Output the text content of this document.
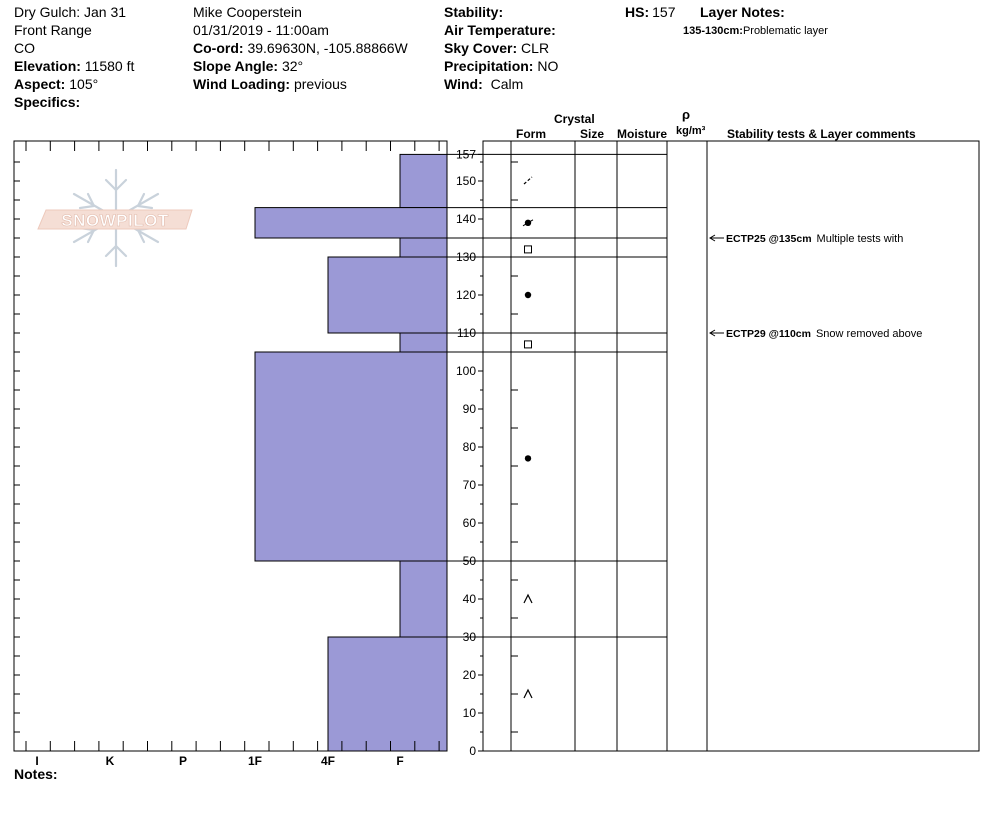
Dry Gulch: Jan 31
Front Range
CO
Elevation: 11580 ft
Aspect: 105°
Specifics:
Mike Cooperstein
01/31/2019 - 11:00am
Co-ord: 39.69630N, -105.88866W
Slope Angle: 32°
Wind Loading: previous
Stability:
Air Temperature:
Sky Cover: CLR
Precipitation: NO
Wind: Calm
HS: 157 Layer Notes:
135-130cm:Problematic layer
Crystal
Form	Size Moisture
ρ
kg/m³ Stability tests & Layer comments
Notes:
SNOWPILOT
I	K	P	1F	4F	F
0
10
20
30
40
50
60
70
80
90
100
110
120
130
140
150
157
ECTP25 @135cm Multiple tests with
ECTP29 @110cm Snow removed above
